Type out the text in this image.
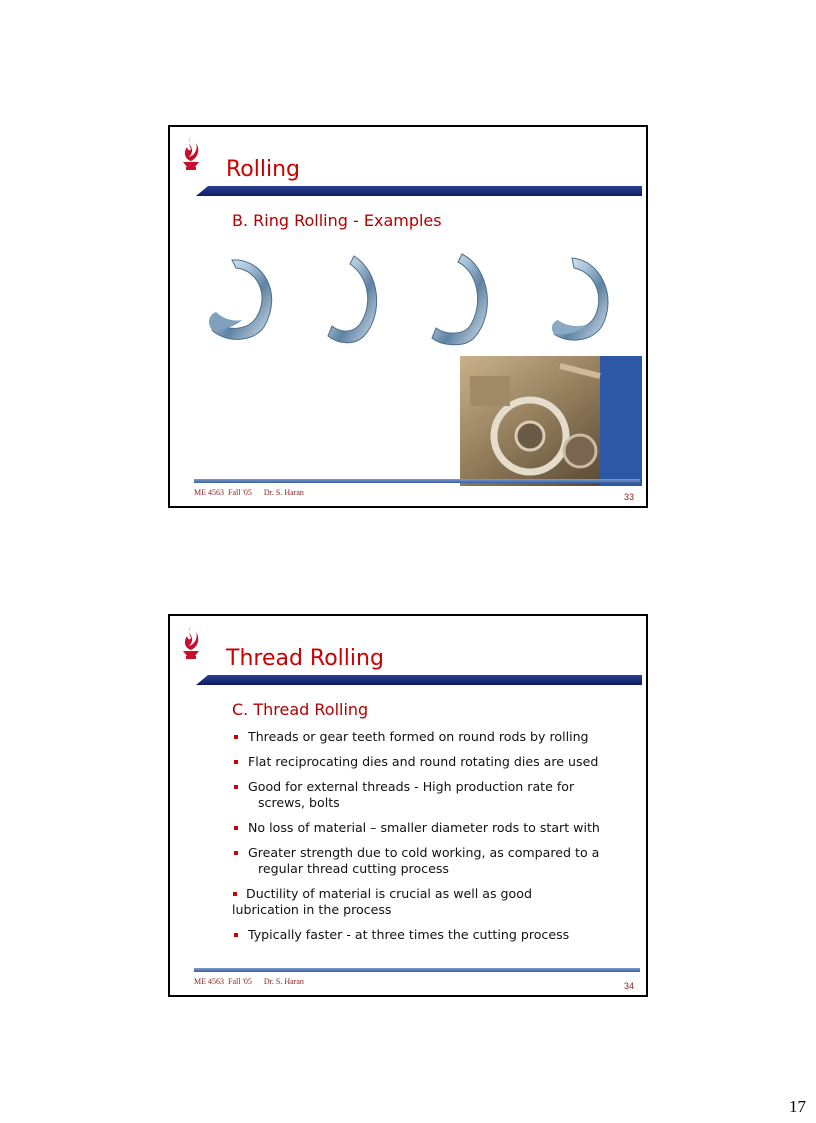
Rolling
B. Ring Rolling - Examples
ME 4563  Fall '05      Dr. S. Haran	33
Thread Rolling
C. Thread Rolling
Threads or gear teeth formed on round rods by rolling
Flat reciprocating dies and round rotating dies are used
Good for external threads - High production rate for
screws, bolts
No loss of material – smaller diameter rods to start with
Greater strength due to cold working, as compared to a
regular thread cutting process
Ductility of material is crucial as well as good
lubrication in the process
Typically faster - at three times the cutting process
ME 4563  Fall '05      Dr. S. Haran	34
17
